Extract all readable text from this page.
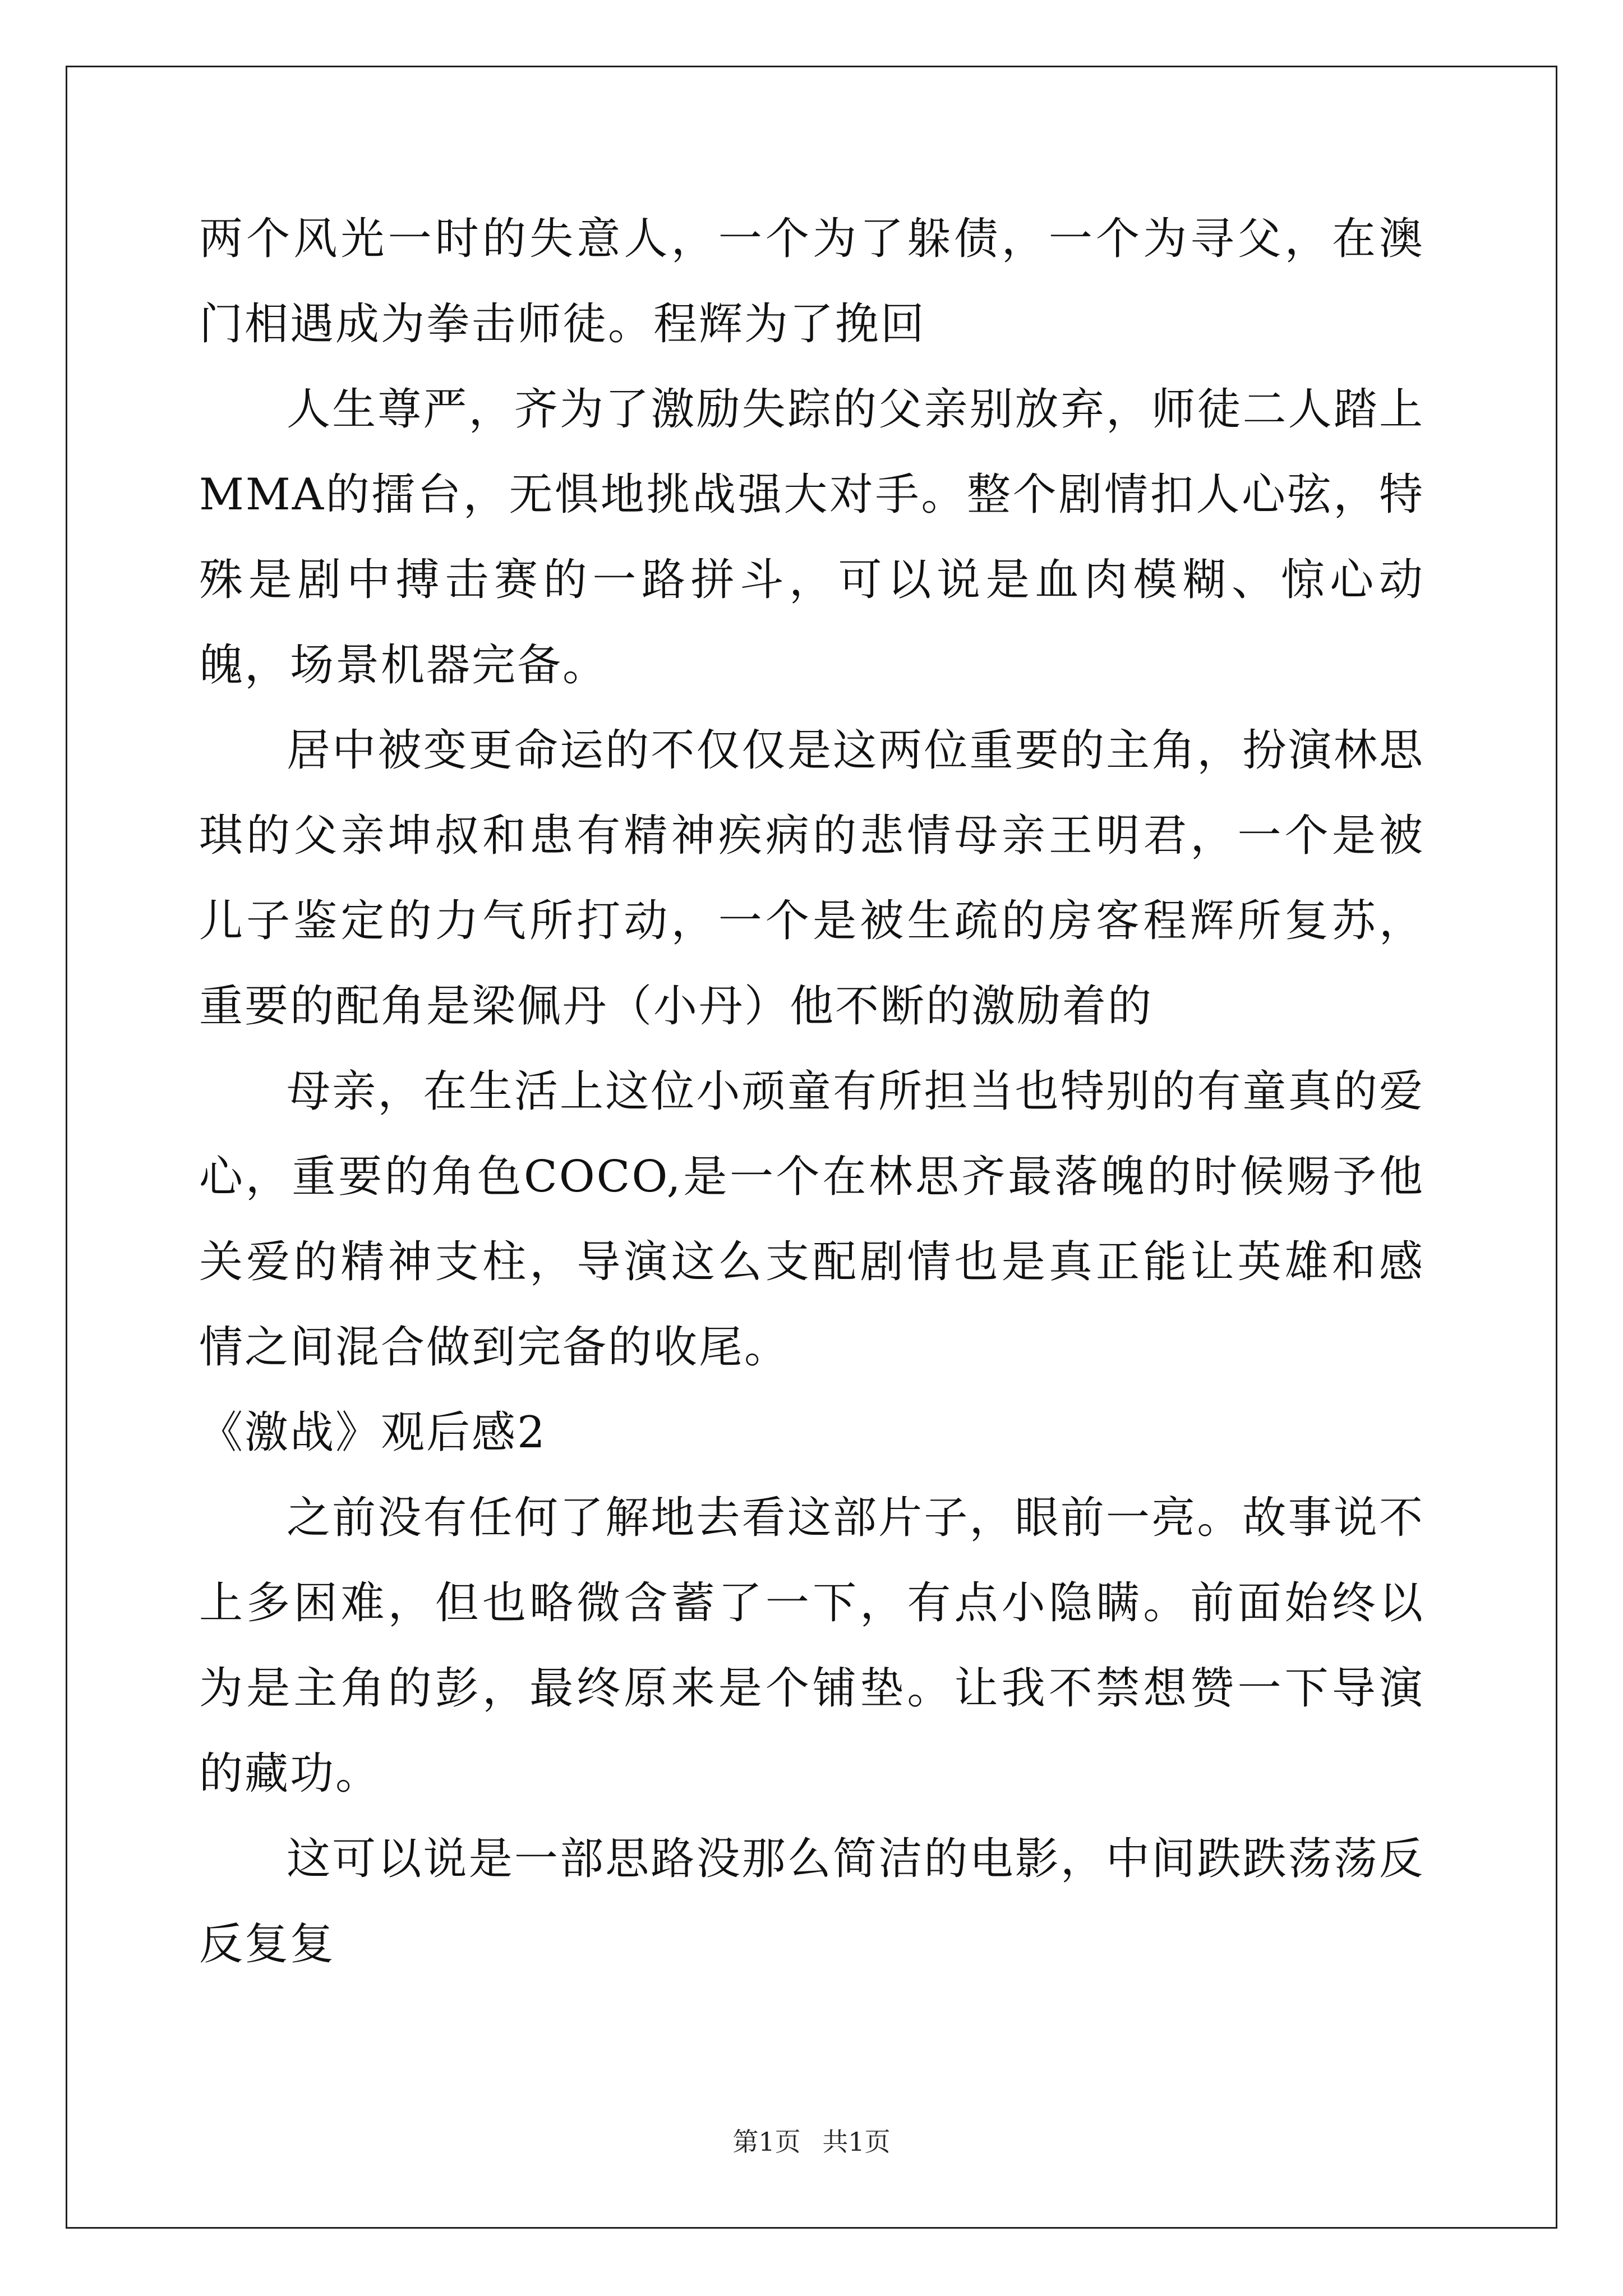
两个风光一时的失意人，一个为了躲债，一个为寻父，在澳门相遇成为拳击师徒。程辉为了挽回

人生尊严，齐为了激励失踪的父亲别放弃，师徒二人踏上MMA的擂台，无惧地挑战强大对手。整个剧情扣人心弦，特殊是剧中搏击赛的一路拼斗，可以说是血肉模糊、惊心动魄，场景机器完备。

居中被变更命运的不仅仅是这两位重要的主角，扮演林思琪的父亲坤叔和患有精神疾病的悲情母亲王明君，一个是被儿子鉴定的力气所打动，一个是被生疏的房客程辉所复苏，重要的配角是梁佩丹（小丹）他不断的激励着的

母亲，在生活上这位小顽童有所担当也特别的有童真的爱心，重要的角色COCO,是一个在林思齐最落魄的时候赐予他关爱的精神支柱，导演这么支配剧情也是真正能让英雄和感情之间混合做到完备的收尾。

《激战》观后感2

之前没有任何了解地去看这部片子，眼前一亮。故事说不上多困难，但也略微含蓄了一下，有点小隐瞒。前面始终以为是主角的彭，最终原来是个铺垫。让我不禁想赞一下导演的藏功。

这可以说是一部思路没那么简洁的电影，中间跌跌荡荡反反复复

第1页 共1页
